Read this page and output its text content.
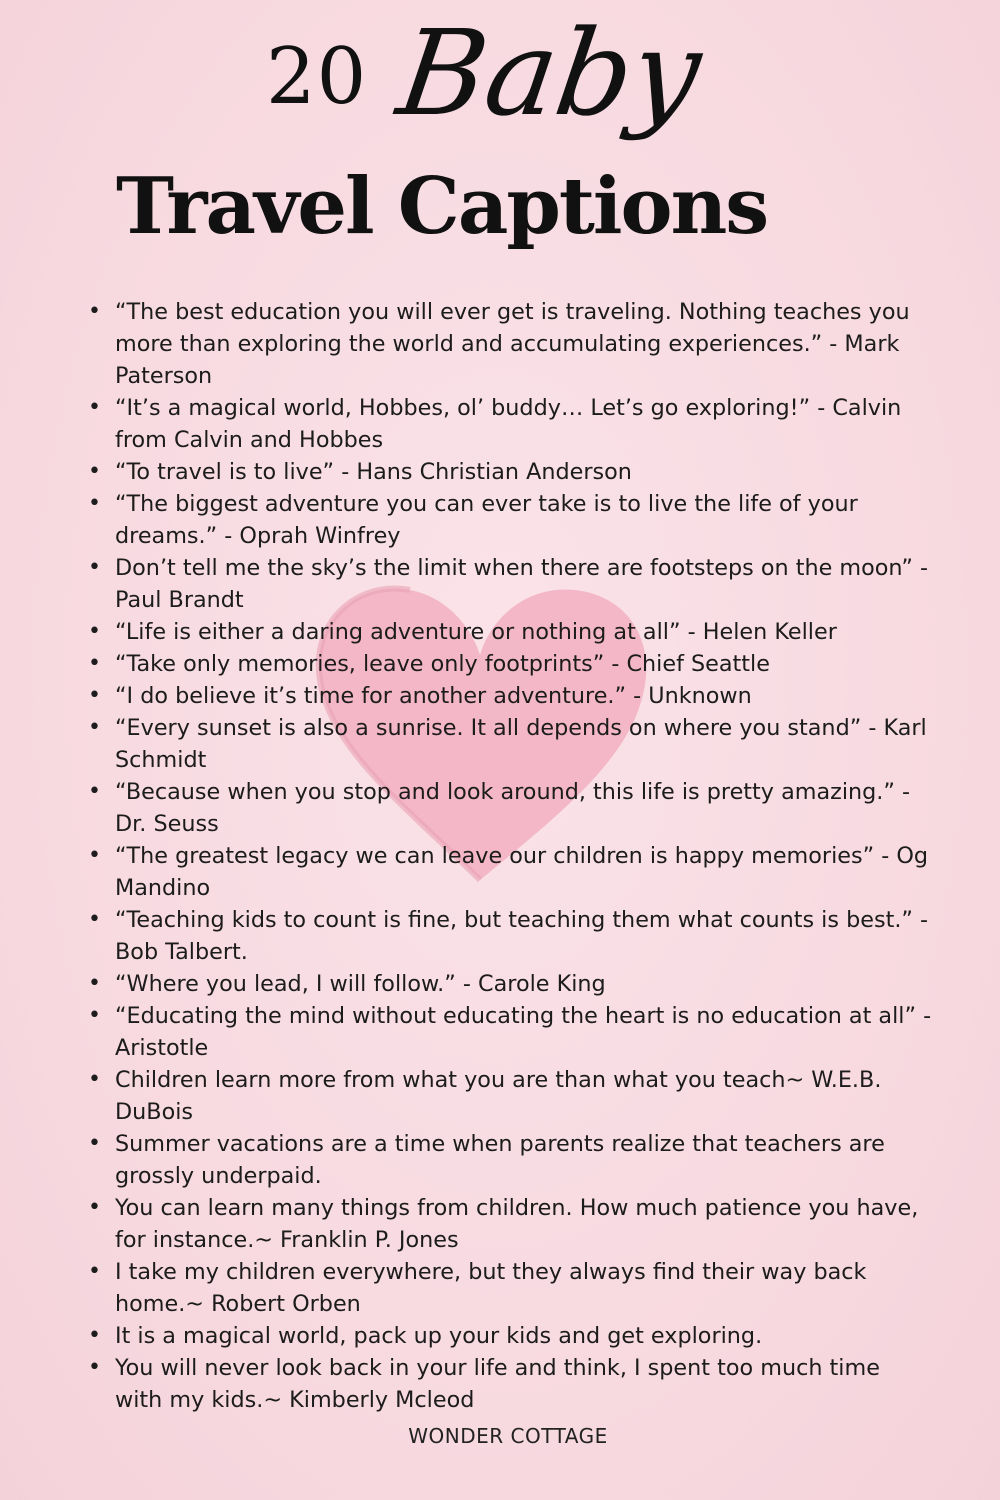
20 Baby
Travel Captions
• “The best education you will ever get is traveling. Nothing teaches you more than exploring the world and accumulating experiences.” - Mark Paterson
• “It’s a magical world, Hobbes, ol’ buddy… Let’s go exploring!” - Calvin from Calvin and Hobbes
• “To travel is to live” - Hans Christian Anderson
• “The biggest adventure you can ever take is to live the life of your dreams.” - Oprah Winfrey
• Don’t tell me the sky’s the limit when there are footsteps on the moon” - Paul Brandt
• “Life is either a daring adventure or nothing at all” - Helen Keller
• “Take only memories, leave only footprints” - Chief Seattle
• “I do believe it’s time for another adventure.” - Unknown
• “Every sunset is also a sunrise. It all depends on where you stand” - Karl Schmidt
• “Because when you stop and look around, this life is pretty amazing.” - Dr. Seuss
• “The greatest legacy we can leave our children is happy memories” - Og Mandino
• “Teaching kids to count is fine, but teaching them what counts is best.” - Bob Talbert.
• “Where you lead, I will follow.” - Carole King
• “Educating the mind without educating the heart is no education at all” - Aristotle
• Children learn more from what you are than what you teach~ W.E.B. DuBois
• Summer vacations are a time when parents realize that teachers are grossly underpaid.
• You can learn many things from children. How much patience you have, for instance.~ Franklin P. Jones
• I take my children everywhere, but they always find their way back home.~ Robert Orben
• It is a magical world, pack up your kids and get exploring.
• You will never look back in your life and think, I spent too much time with my kids.~ Kimberly Mcleod
WONDER COTTAGE
